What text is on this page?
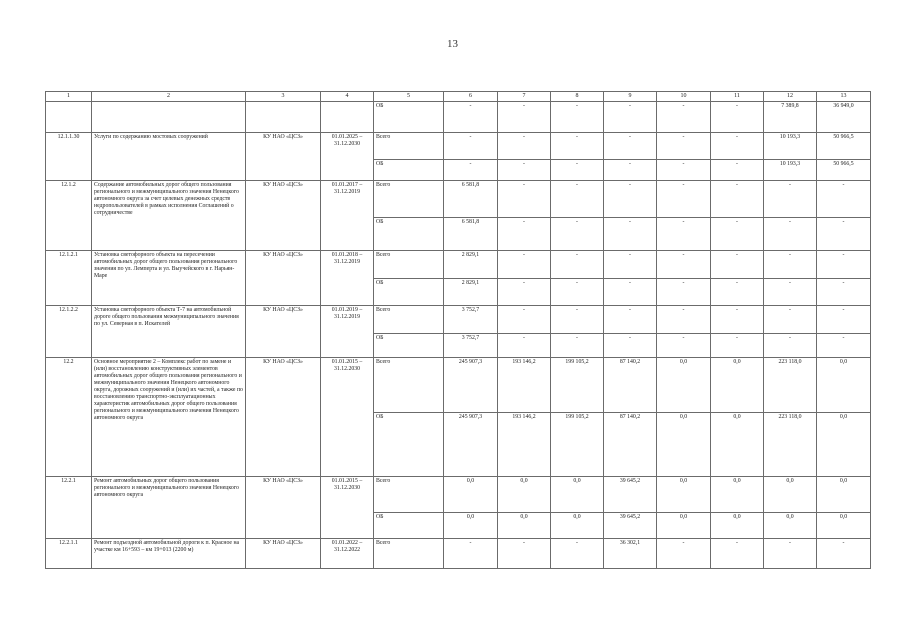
13
1	2	3	4	5	6	7	8	9	10	11	12	13
				ОБ	-	-	-	-	-	-	7 389,8	36 949,0
12.1.1.30	Услуги по содержанию мостовых сооружений	КУ НАО «ЦСЗ»	01.01.2025 – 31.12.2030	Всего	-	-	-	-	-	-	10 193,3	50 966,5
				ОБ	-	-	-	-	-	-	10 193,3	50 966,5
12.1.2	Содержание автомобильных дорог общего пользования регионального и межмуниципального значения Ненецкого автономного округа за счет целевых денежных средств недропользователей в рамках исполнения Соглашений о сотрудничестве	КУ НАО «ЦСЗ»	01.01.2017 – 31.12.2019	Всего	6 581,8	-	-	-	-	-	-	-
				ОБ	6 581,8	-	-	-	-	-	-	-
12.1.2.1	Установка светофорного объекта на пересечении автомобильных дорог общего пользования регионального значения по ул. Лемперта и ул. Выучейского в г. Нарьян-Маре	КУ НАО «ЦСЗ»	01.01.2018 – 31.12.2019	Всего	2 829,1	-	-	-	-	-	-	-
				ОБ	2 829,1	-	-	-	-	-	-	-
12.1.2.2	Установка светофорного объекта Т-7 на автомобильной дороге общего пользования межмуниципального значения по ул. Северная в п. Искателей	КУ НАО «ЦСЗ»	01.01.2019 – 31.12.2019	Всего	3 752,7	-	-	-	-	-	-	-
				ОБ	3 752,7	-	-	-	-	-	-	-
12.2	Основное мероприятие 2 – Комплекс работ по замене и (или) восстановлению конструктивных элементов автомобильных дорог общего пользования регионального и межмуниципального значения Ненецкого автономного округа, дорожных сооружений и (или) их частей, а также по восстановлению транспортно-эксплуатационных характеристик автомобильных дорог общего пользования регионального и межмуниципального значения Ненецкого автономного округа	КУ НАО «ЦСЗ»	01.01.2015 – 31.12.2030	Всего	245 907,3	193 146,2	199 105,2	87 140,2	0,0	0,0	223 118,0	0,0
				ОБ	245 907,3	193 146,2	199 105,2	87 140,2	0,0	0,0	223 118,0	0,0
12.2.1	Ремонт автомобильных дорог общего пользования регионального и межмуниципального значения Ненецкого автономного округа	КУ НАО «ЦСЗ»	01.01.2015 – 31.12.2030	Всего	0,0	0,0	0,0	39 645,2	0,0	0,0	0,0	0,0
				ОБ	0,0	0,0	0,0	39 645,2	0,0	0,0	0,0	0,0
12.2.1.1	Ремонт подъездной автомобильной дороги к п. Красное на участке км 16+593 – км 19+013 (2200 м)	КУ НАО «ЦСЗ»	01.01.2022 – 31.12.2022	Всего	-	-	-	36 302,1	-	-	-	-
